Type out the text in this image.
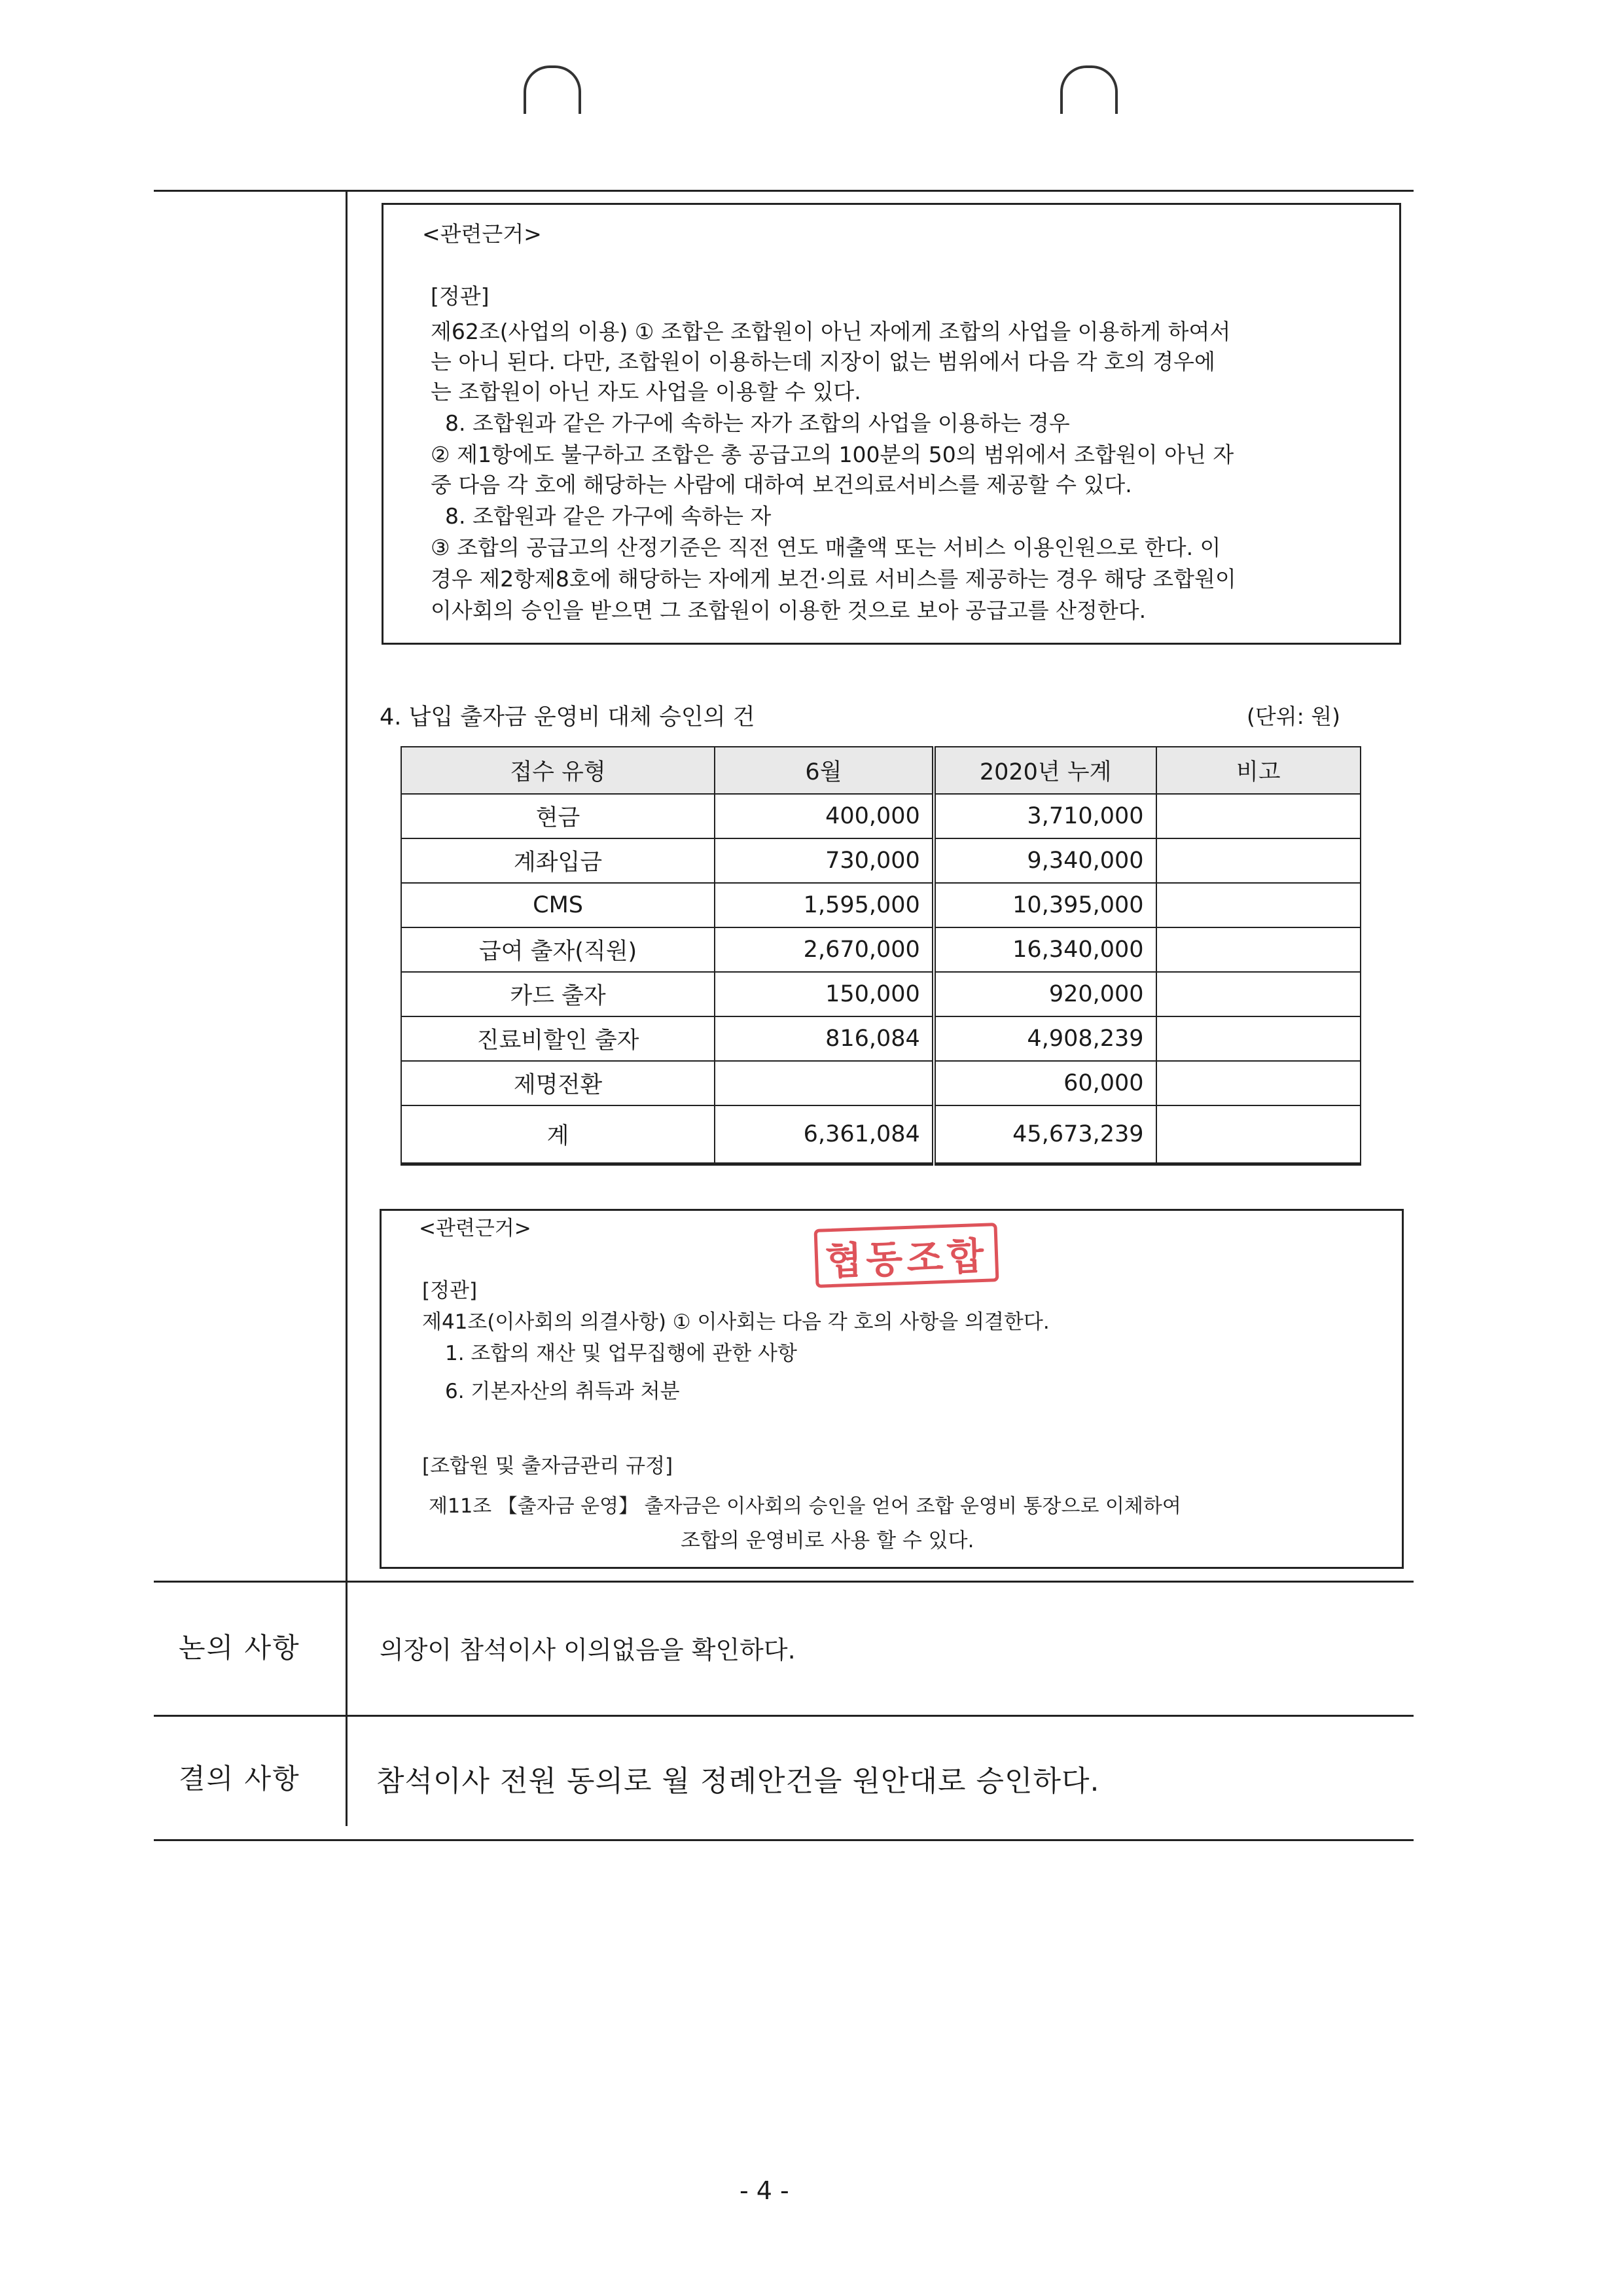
<관련근거>
[정관]
제62조(사업의 이용) ① 조합은 조합원이 아닌 자에게 조합의 사업을 이용하게 하여서
는 아니 된다. 다만, 조합원이 이용하는데 지장이 없는 범위에서 다음 각 호의 경우에
는 조합원이 아닌 자도 사업을 이용할 수 있다.
8. 조합원과 같은 가구에 속하는 자가 조합의 사업을 이용하는 경우
② 제1항에도 불구하고 조합은 총 공급고의 100분의 50의 범위에서 조합원이 아닌 자
중 다음 각 호에 해당하는 사람에 대하여 보건의료서비스를 제공할 수 있다.
8. 조합원과 같은 가구에 속하는 자
③ 조합의 공급고의 산정기준은 직전 연도 매출액 또는 서비스 이용인원으로 한다. 이
경우 제2항제8호에 해당하는 자에게 보건·의료 서비스를 제공하는 경우 해당 조합원이
이사회의 승인을 받으면 그 조합원이 이용한 것으로 보아 공급고를 산정한다.
4. 납입 출자금 운영비 대체 승인의 건	(단위: 원)
접수 유형	6월	2020년 누계	비고
현금	400,000	3,710,000	
계좌입금	730,000	9,340,000	
CMS	1,595,000	10,395,000	
급여 출자(직원)	2,670,000	16,340,000	
카드 출자	150,000	920,000	
진료비할인 출자	816,084	4,908,239	
제명전환		60,000	
계	6,361,084	45,673,239	
<관련근거>
협동조합
[정관]
제41조(이사회의 의결사항) ① 이사회는 다음 각 호의 사항을 의결한다.
1. 조합의 재산 및 업무집행에 관한 사항
6. 기본자산의 취득과 처분
[조합원 및 출자금관리 규정]
제11조 【출자금 운영】 출자금은 이사회의 승인을 얻어 조합 운영비 통장으로 이체하여
조합의 운영비로 사용 할 수 있다.
논의 사항	의장이 참석이사 이의없음을 확인하다.
결의 사항	참석이사 전원 동의로 월 정례안건을 원안대로 승인하다.
- 4 -
